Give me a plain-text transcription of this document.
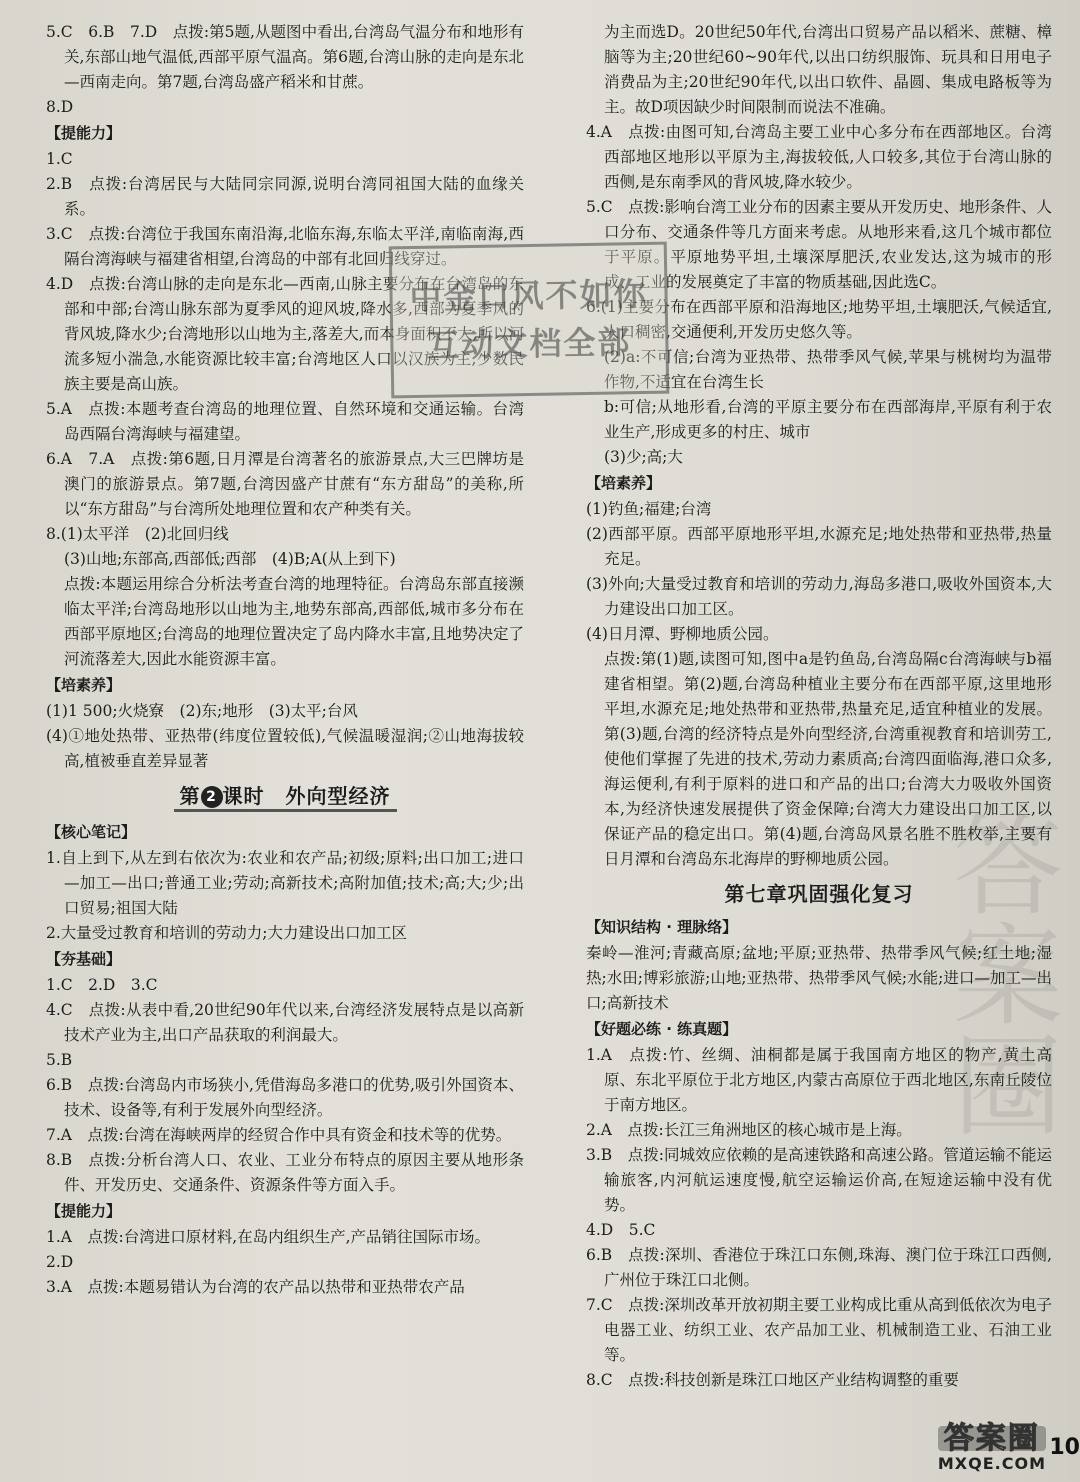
5.C　6.B　7.D　点拨:第5题,从题图中看出,台湾岛气温分布和地形有关,东部山地气温低,西部平原气温高。第6题,台湾山脉的走向是东北—西南走向。第7题,台湾岛盛产稻米和甘蔗。

8.D

【提能力】

1.C

2.B　点拨:台湾居民与大陆同宗同源,说明台湾同祖国大陆的血缘关系。

3.C　点拨:台湾位于我国东南沿海,北临东海,东临太平洋,南临南海,西隔台湾海峡与福建省相望,台湾岛的中部有北回归线穿过。

4.D　点拨:台湾山脉的走向是东北—西南,山脉主要分布在台湾岛的东部和中部;台湾山脉东部为夏季风的迎风坡,降水多,西部为夏季风的背风坡,降水少;台湾地形以山地为主,落差大,而本身面积不大,所以河流多短小湍急,水能资源比较丰富;台湾地区人口以汉族为主,少数民族主要是高山族。

5.A　点拨:本题考查台湾岛的地理位置、自然环境和交通运输。台湾岛西隔台湾海峡与福建望。

6.A　7.A　点拨:第6题,日月潭是台湾著名的旅游景点,大三巴牌坊是澳门的旅游景点。第7题,台湾因盛产甘蔗有“东方甜岛”的美称,所以“东方甜岛”与台湾所处地理位置和农产种类有关。

8.(1)太平洋　(2)北回归线

(3)山地;东部高,西部低;西部　(4)B;A(从上到下)

点拨:本题运用综合分析法考查台湾的地理特征。台湾岛东部直接濒临太平洋;台湾岛地形以山地为主,地势东部高,西部低,城市多分布在西部平原地区;台湾岛的地理位置决定了岛内降水丰富,且地势决定了河流落差大,因此水能资源丰富。

【培素养】

(1)1 500;火烧寮　(2)东;地形　(3)太平;台风

(4)①地处热带、亚热带(纬度位置较低),气候温暖湿润;②山地海拔较高,植被垂直差异显著

第 2 课时　外向型经济

【核心笔记】

1.自上到下,从左到右依次为:农业和农产品;初级;原料;出口加工;进口—加工—出口;普通工业;劳动;高新技术;高附加值;技术;高;大;少;出口贸易;祖国大陆

2.大量受过教育和培训的劳动力;大力建设出口加工区

【夯基础】

1.C　2.D　3.C

4.C　点拨:从表中看,20世纪90年代以来,台湾经济发展特点是以高新技术产业为主,出口产品获取的利润最大。

5.B

6.B　点拨:台湾岛内市场狭小,凭借海岛多港口的优势,吸引外国资本、技术、设备等,有利于发展外向型经济。

7.A　点拨:台湾在海峡两岸的经贸合作中具有资金和技术等的优势。

8.B　点拨:分析台湾人口、农业、工业分布特点的原因主要从地形条件、开发历史、交通条件、资源条件等方面入手。

【提能力】

1.A　点拨:台湾进口原材料,在岛内组织生产,产品销往国际市场。

2.D

3.A　点拨:本题易错认为台湾的农产品以热带和亚热带农产品

为主而选D。20世纪50年代,台湾出口贸易产品以稻米、蔗糖、樟脑等为主;20世纪60~90年代,以出口纺织服饰、玩具和日用电子消费品为主;20世纪90年代,以出口软件、晶圆、集成电路板等为主。故D项因缺少时间限制而说法不准确。

4.A　点拨:由图可知,台湾岛主要工业中心多分布在西部地区。台湾西部地区地形以平原为主,海拔较低,人口较多,其位于台湾山脉的西侧,是东南季风的背风坡,降水较少。

5.C　点拨:影响台湾工业分布的因素主要从开发历史、地形条件、人口分布、交通条件等几方面来考虑。从地形来看,这几个城市都位于平原。平原地势平坦,土壤深厚肥沃,农业发达,这为城市的形成、工业的发展奠定了丰富的物质基础,因此选C。

6.(1)主要分布在西部平原和沿海地区;地势平坦,土壤肥沃,气候适宜,人口稠密,交通便利,开发历史悠久等。

(2)a:不可信;台湾为亚热带、热带季风气候,苹果与桃树均为温带作物,不适宜在台湾生长

b:可信;从地形看,台湾的平原主要分布在西部海岸,平原有利于农业生产,形成更多的村庄、城市

(3)少;高;大

【培素养】

(1)钓鱼;福建;台湾

(2)西部平原。西部平原地形平坦,水源充足;地处热带和亚热带,热量充足。

(3)外向;大量受过教育和培训的劳动力,海岛多港口,吸收外国资本,大力建设出口加工区。

(4)日月潭、野柳地质公园。

点拨:第(1)题,读图可知,图中a是钓鱼岛,台湾岛隔c台湾海峡与b福建省相望。第(2)题,台湾岛种植业主要分布在西部平原,这里地形平坦,水源充足;地处热带和亚热带,热量充足,适宜种植业的发展。第(3)题,台湾的经济特点是外向型经济,台湾重视教育和培训劳工,使他们掌握了先进的技术,劳动力素质高;台湾四面临海,港口众多,海运便利,有利于原料的进口和产品的出口;台湾大力吸收外国资本,为经济快速发展提供了资金保障;台湾大力建设出口加工区,以保证产品的稳定出口。第(4)题,台湾岛风景名胜不胜枚举,主要有日月潭和台湾岛东北海岸的野柳地质公园。

第七章巩固强化复习

【知识结构 · 理脉络】

秦岭—淮河;青藏高原;盆地;平原;亚热带、热带季风气候;红土地;湿热;水田;博彩旅游;山地;亚热带、热带季风气候;水能;进口—加工—出口;高新技术

【好题必练 · 练真题】

1.A　点拨:竹、丝绸、油桐都是属于我国南方地区的物产,黄土高原、东北平原位于北方地区,内蒙古高原位于西北地区,东南丘陵位于南方地区。

2.A　点拨:长江三角洲地区的核心城市是上海。

3.B　点拨:同城效应依赖的是高速铁路和高速公路。管道运输不能运输旅客,内河航运速度慢,航空运输运价高,在短途运输中没有优势。

4.D　5.C

6.B　点拨:深圳、香港位于珠江口东侧,珠海、澳门位于珠江口西侧,广州位于珠江口北侧。

7.C　点拨:深圳改革开放初期主要工业构成比重从高到低依次为电子电器工业、纺织工业、农产品加工业、机械制造工业、石油工业等。

8.C　点拨:科技创新是珠江口地区产业结构调整的重要

中金口风不如你
互动文档全部
答案圈
10
答案圈
MXQE.COM
